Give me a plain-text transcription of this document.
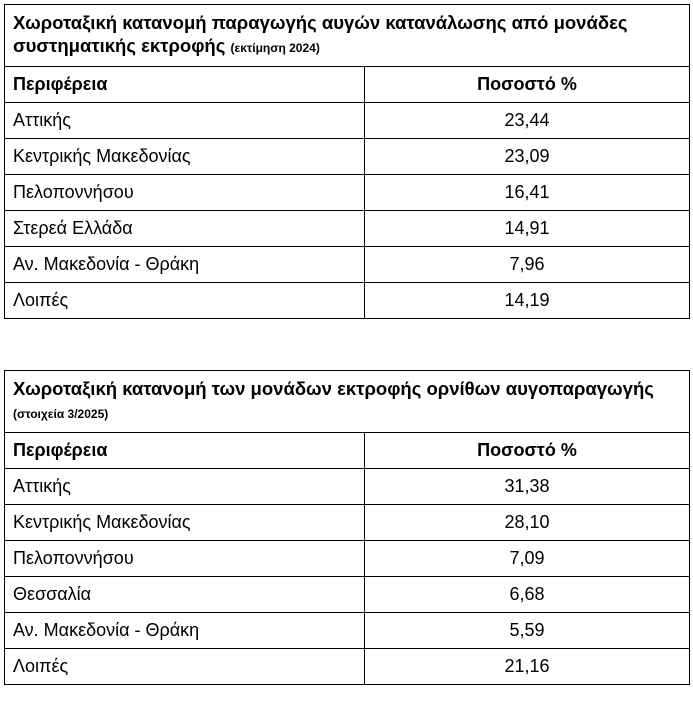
Χωροταξική κατανομή παραγωγής αυγών κατανάλωσης από μονάδες συστηματικής εκτροφής (εκτίμηση 2024)	
Περιφέρεια	Ποσοστό %
Αττικής	23,44
Κεντρικής Μακεδονίας	23,09
Πελοποννήσου	16,41
Στερεά Ελλάδα	14,91
Αν. Μακεδονία - Θράκη	7,96
Λοιπές	14,19
Χωροταξική κατανομή των μονάδων εκτροφής ορνίθων αυγοπαραγωγής (στοιχεία 3/2025)	
Περιφέρεια	Ποσοστό %
Αττικής	31,38
Κεντρικής Μακεδονίας	28,10
Πελοποννήσου	7,09
Θεσσαλία	6,68
Αν. Μακεδονία - Θράκη	5,59
Λοιπές	21,16
